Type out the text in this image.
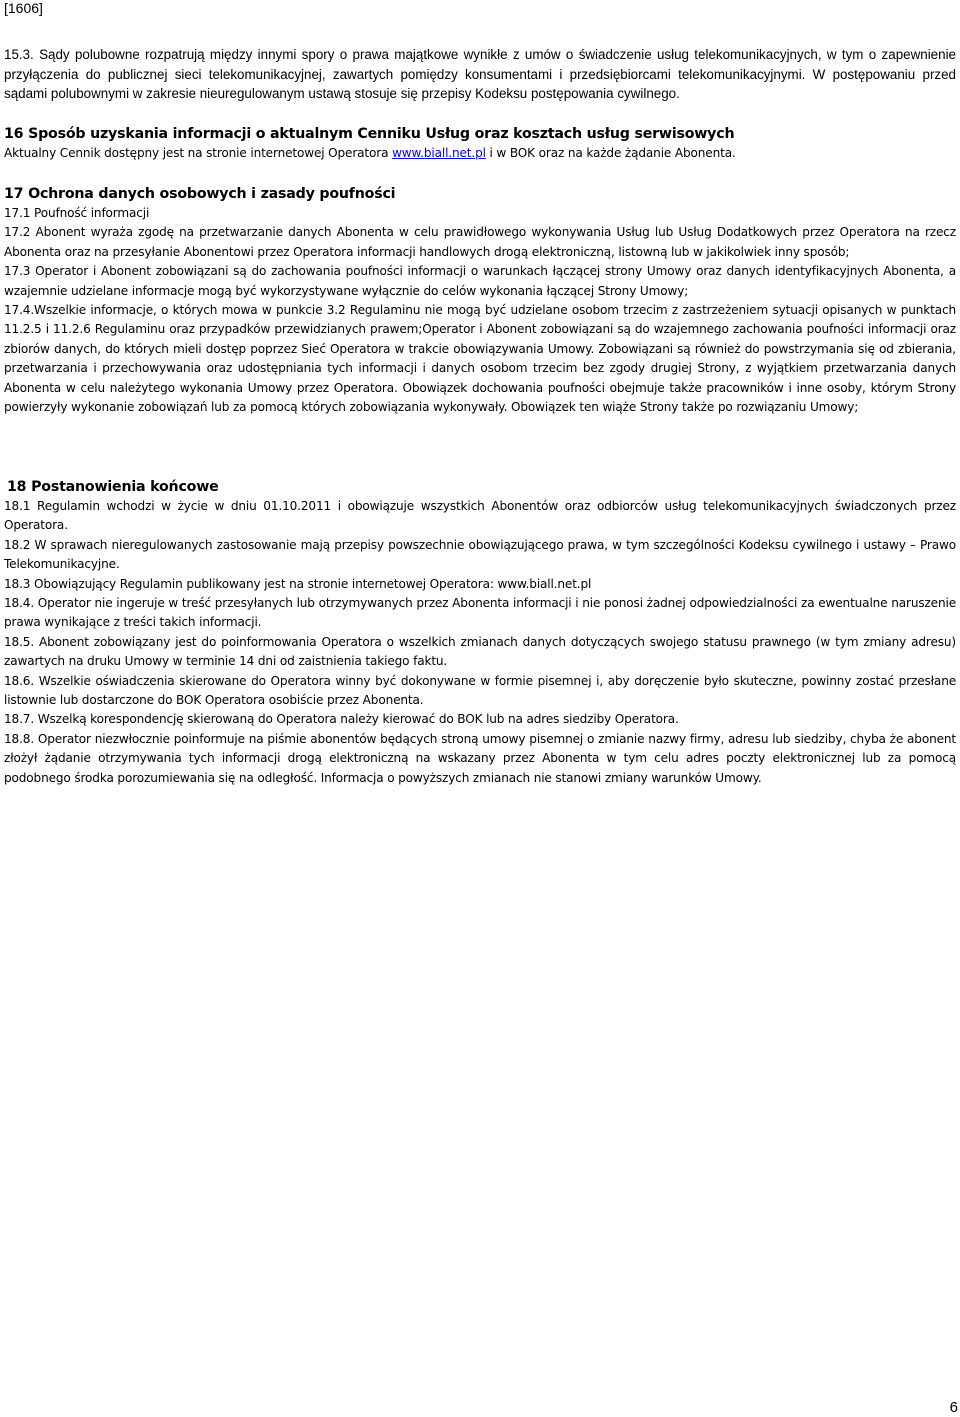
[1606]

15.3. Sądy polubowne rozpatrują między innymi spory o prawa majątkowe wynikłe z umów o świadczenie usług telekomunikacyjnych, w tym o zapewnienie przyłączenia do publicznej sieci telekomunikacyjnej, zawartych pomiędzy konsumentami i przedsiębiorcami telekomunikacyjnymi. W postępowaniu przed sądami polubownymi w zakresie nieuregulowanym ustawą stosuje się przepisy Kodeksu postępowania cywilnego.

16 Sposób uzyskania informacji o aktualnym Cenniku Usług oraz kosztach usług serwisowych

Aktualny Cennik dostępny jest na stronie internetowej Operatora www.biall.net.pl i w BOK oraz na każde żądanie Abonenta.

17 Ochrona danych osobowych i zasady poufności

17.1 Poufność informacji

17.2 Abonent wyraża zgodę na przetwarzanie danych Abonenta w celu prawidłowego wykonywania Usług lub Usług Dodatkowych przez Operatora na rzecz Abonenta oraz na przesyłanie Abonentowi przez Operatora informacji handlowych drogą elektroniczną, listowną lub w jakikolwiek inny sposób;

17.3 Operator i Abonent zobowiązani są do zachowania poufności informacji o warunkach łączącej strony Umowy oraz danych identyfikacyjnych Abonenta, a wzajemnie udzielane informacje mogą być wykorzystywane wyłącznie do celów wykonania łączącej Strony Umowy;

17.4.Wszelkie informacje, o których mowa w punkcie 3.2 Regulaminu nie mogą być udzielane osobom trzecim z zastrzeżeniem sytuacji opisanych w punktach 11.2.5 i 11.2.6 Regulaminu oraz przypadków przewidzianych prawem;Operator i Abonent zobowiązani są do wzajemnego zachowania poufności informacji oraz zbiorów danych, do których mieli dostęp poprzez Sieć Operatora w trakcie obowiązywania Umowy. Zobowiązani są również do powstrzymania się od zbierania, przetwarzania i przechowywania oraz udostępniania tych informacji i danych osobom trzecim bez zgody drugiej Strony, z wyjątkiem przetwarzania danych Abonenta w celu należytego wykonania Umowy przez Operatora. Obowiązek dochowania poufności obejmuje także pracowników i inne osoby, którym Strony powierzyły wykonanie zobowiązań lub za pomocą których zobowiązania wykonywały. Obowiązek ten wiąże Strony także po rozwiązaniu Umowy;

18 Postanowienia końcowe

18.1 Regulamin wchodzi w życie w dniu 01.10.2011 i obowiązuje wszystkich Abonentów oraz odbiorców usług telekomunikacyjnych świadczonych przez Operatora.

18.2 W sprawach nieregulowanych zastosowanie mają przepisy powszechnie obowiązującego prawa, w tym szczególności Kodeksu cywilnego i ustawy – Prawo Telekomunikacyjne.

18.3 Obowiązujący Regulamin publikowany jest na stronie internetowej Operatora: www.biall.net.pl

18.4. Operator nie ingeruje w treść przesyłanych lub otrzymywanych przez Abonenta informacji i nie ponosi żadnej odpowiedzialności za ewentualne naruszenie prawa wynikające z treści takich informacji.

18.5. Abonent zobowiązany jest do poinformowania Operatora o wszelkich zmianach danych dotyczących swojego statusu prawnego (w tym zmiany adresu) zawartych na druku Umowy w terminie 14 dni od zaistnienia takiego faktu.

18.6. Wszelkie oświadczenia skierowane do Operatora winny być dokonywane w formie pisemnej i, aby doręczenie było skuteczne, powinny zostać przesłane listownie lub dostarczone do BOK Operatora osobiście przez Abonenta.

18.7. Wszelką korespondencję skierowaną do Operatora należy kierować do BOK lub na adres siedziby Operatora.

18.8. Operator niezwłocznie poinformuje na piśmie abonentów będących stroną umowy pisemnej o zmianie nazwy firmy, adresu lub siedziby, chyba że abonent złożył żądanie otrzymywania tych informacji drogą elektroniczną na wskazany przez Abonenta w tym celu adres poczty elektronicznej lub za pomocą podobnego środka porozumiewania się na odległość. Informacja o powyższych zmianach nie stanowi zmiany warunków Umowy.

6
